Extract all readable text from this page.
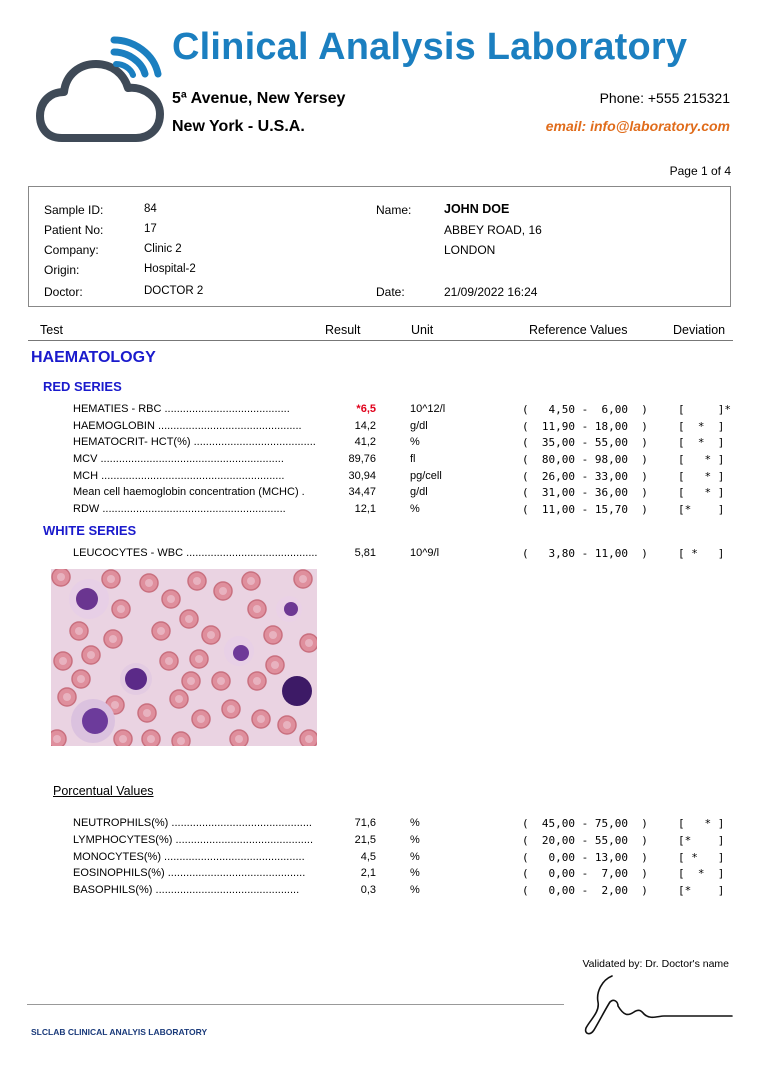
Clinical Analysis Laboratory
5ª Avenue, New Yersey
New York - U.S.A.
Phone: +555 215321
email: info@laboratory.com
Page 1 of 4
Sample ID:	84
Patient No:	17
Company:	Clinic 2
Origin:	Hospital-2
Doctor:	DOCTOR 2
Name:	JOHN DOE
ABBEY ROAD, 16
LONDON
Date:	21/09/2022 16:24
Test	Result	Unit	Reference Values	Deviation
HAEMATOLOGY
RED SERIES
HEMATIES - RBC .........................................	*6,5	10^12/l	(   4,50 -  6,00  )	[     ]*
HAEMOGLOBIN ...............................................	14,2	g/dl	(  11,90 - 18,00  )	[  *  ]
HEMATOCRIT- HCT(%) ........................................	41,2	%	(  35,00 - 55,00  )	[  *  ]
MCV ............................................................	89,76	fl	(  80,00 - 98,00  )	[   * ]
MCH ............................................................	30,94	pg/cell	(  26,00 - 33,00  )	[   * ]
Mean cell haemoglobin concentration (MCHC) .	34,47	g/dl	(  31,00 - 36,00  )	[   * ]
RDW ............................................................	12,1	%	(  11,00 - 15,70  )	[*    ]
WHITE SERIES
LEUCOCYTES - WBC ...........................................	5,81	10^9/l	(   3,80 - 11,00  )	[ *   ]
Porcentual Values
NEUTROPHILS(%) ..............................................	71,6	%	(  45,00 - 75,00  )	[   * ]
LYMPHOCYTES(%) .............................................	21,5	%	(  20,00 - 55,00  )	[*    ]
MONOCYTES(%) ..............................................	4,5	%	(   0,00 - 13,00  )	[ *   ]
EOSINOPHILS(%) .............................................	2,1	%	(   0,00 -  7,00  )	[  *  ]
BASOPHILS(%) ...............................................	0,3	%	(   0,00 -  2,00  )	[*    ]
Validated by: Dr. Doctor's name
SLCLAB CLINICAL ANALYIS LABORATORY
